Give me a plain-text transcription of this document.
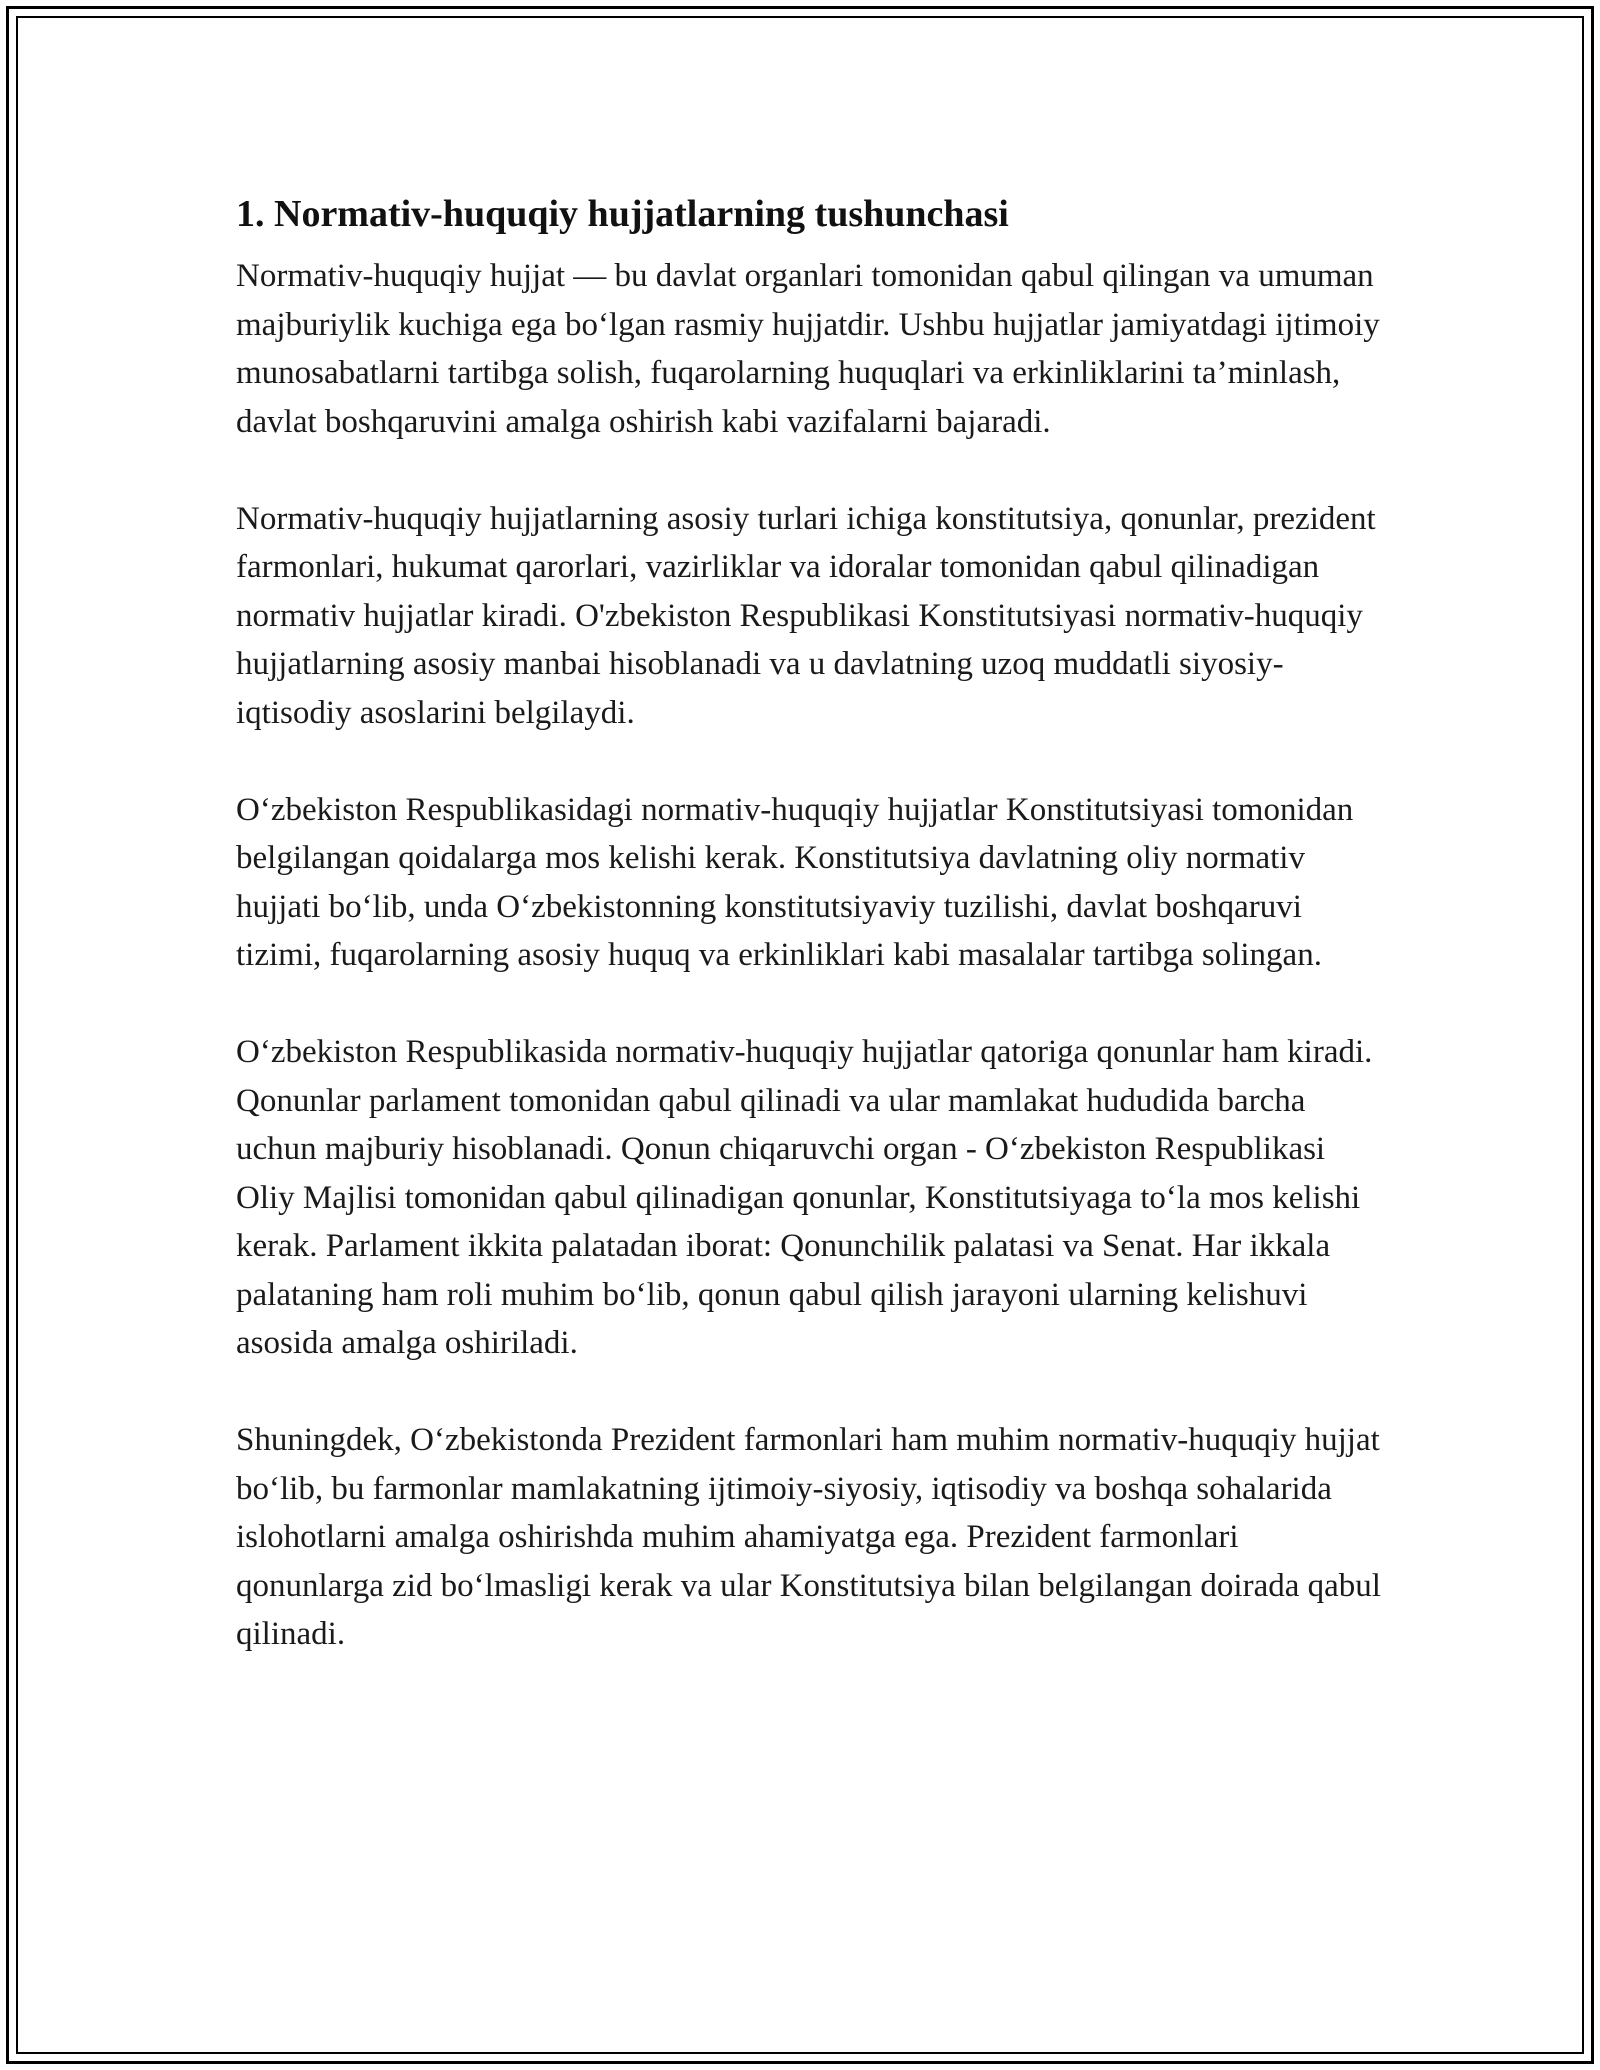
1. Normativ-huquqiy hujjatlarning tushunchasi

Normativ-huquqiy hujjat — bu davlat organlari tomonidan qabul qilingan va umuman majburiylik kuchiga ega bo‘lgan rasmiy hujjatdir. Ushbu hujjatlar jamiyatdagi ijtimoiy munosabatlarni tartibga solish, fuqarolarning huquqlari va erkinliklarini ta’minlash, davlat boshqaruvini amalga oshirish kabi vazifalarni bajaradi.

Normativ-huquqiy hujjatlarning asosiy turlari ichiga konstitutsiya, qonunlar, prezident farmonlari, hukumat qarorlari, vazirliklar va idoralar tomonidan qabul qilinadigan normativ hujjatlar kiradi. O'zbekiston Respublikasi Konstitutsiyasi normativ-huquqiy hujjatlarning asosiy manbai hisoblanadi va u davlatning uzoq muddatli siyosiy-iqtisodiy asoslarini belgilaydi.

O‘zbekiston Respublikasidagi normativ-huquqiy hujjatlar Konstitutsiyasi tomonidan belgilangan qoidalarga mos kelishi kerak. Konstitutsiya davlatning oliy normativ hujjati bo‘lib, unda O‘zbekistonning konstitutsiyaviy tuzilishi, davlat boshqaruvi tizimi, fuqarolarning asosiy huquq va erkinliklari kabi masalalar tartibga solingan.

O‘zbekiston Respublikasida normativ-huquqiy hujjatlar qatoriga qonunlar ham kiradi. Qonunlar parlament tomonidan qabul qilinadi va ular mamlakat hududida barcha uchun majburiy hisoblanadi. Qonun chiqaruvchi organ - O‘zbekiston Respublikasi Oliy Majlisi tomonidan qabul qilinadigan qonunlar, Konstitutsiyaga to‘la mos kelishi kerak. Parlament ikkita palatadan iborat: Qonunchilik palatasi va Senat. Har ikkala palataning ham roli muhim bo‘lib, qonun qabul qilish jarayoni ularning kelishuvi asosida amalga oshiriladi.

Shuningdek, O‘zbekistonda Prezident farmonlari ham muhim normativ-huquqiy hujjat bo‘lib, bu farmonlar mamlakatning ijtimoiy-siyosiy, iqtisodiy va boshqa sohalarida islohotlarni amalga oshirishda muhim ahamiyatga ega. Prezident farmonlari qonunlarga zid bo‘lmasligi kerak va ular Konstitutsiya bilan belgilangan doirada qabul qilinadi.
